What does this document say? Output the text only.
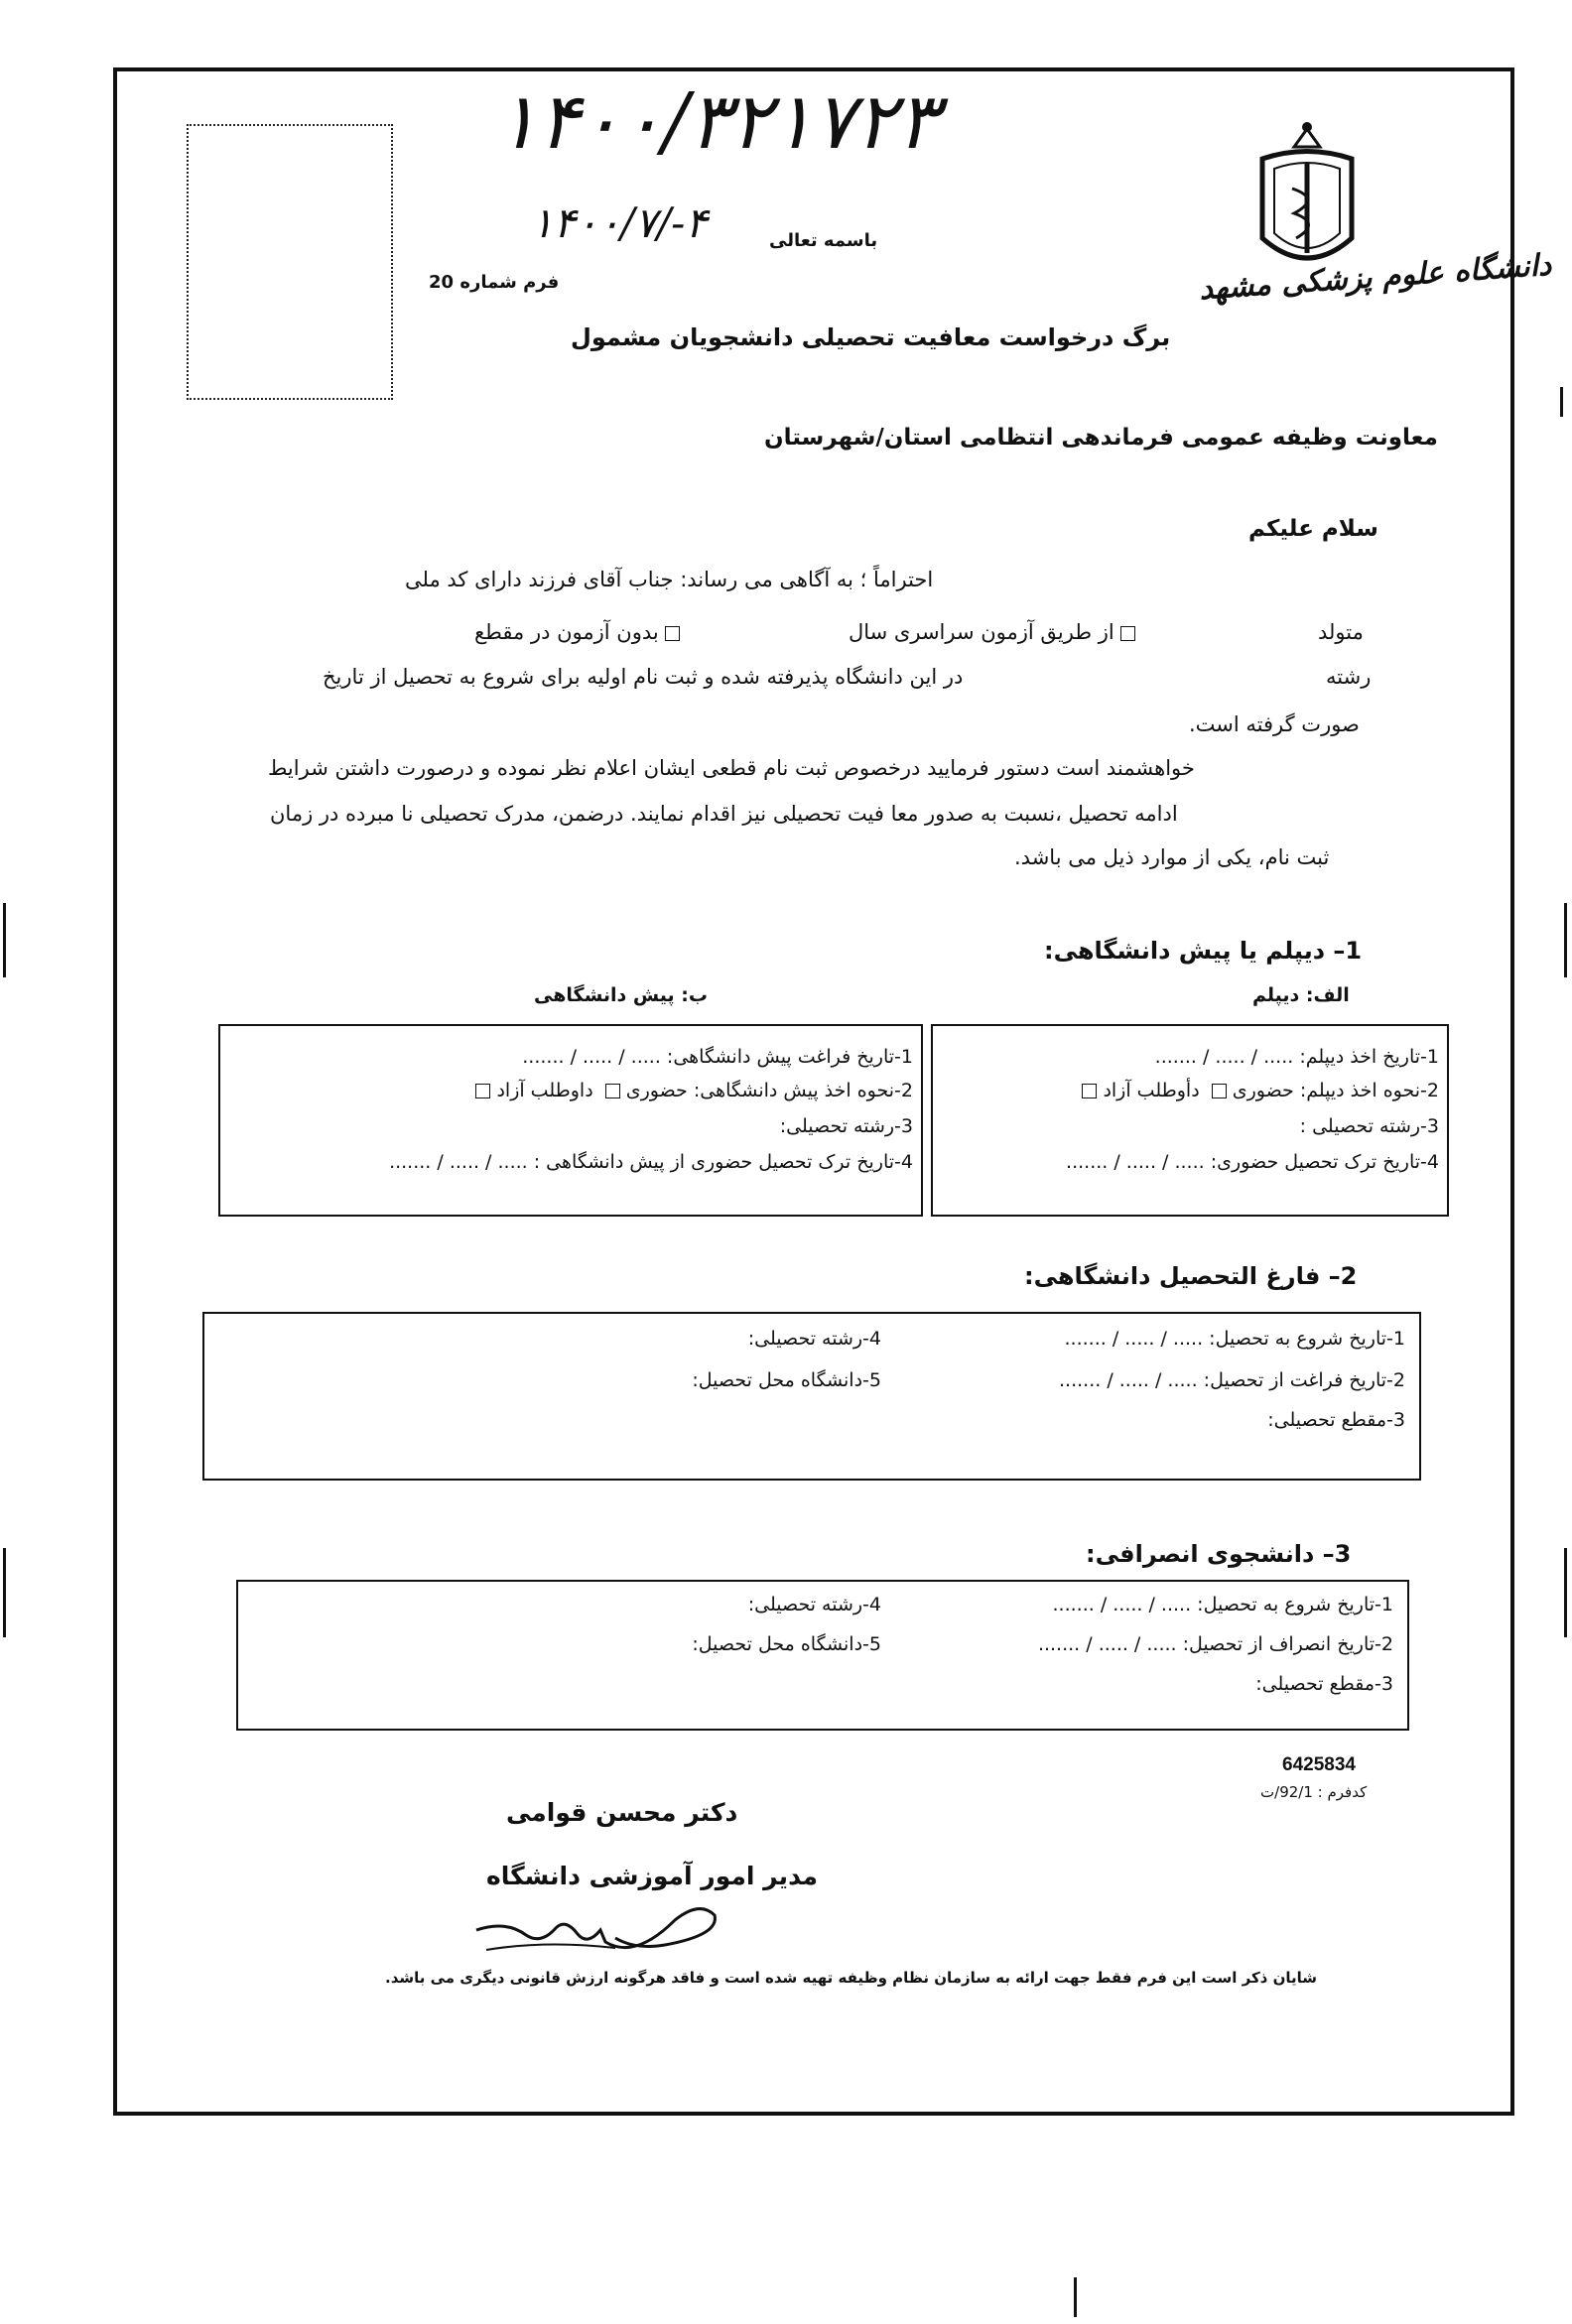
۱۴۰۰/۳۲۱۷۲۳
۱۴۰۰/۷/-۴	باسمه تعالی
فرم شماره 20	دانشگاه علوم پزشکی مشهد
برگ درخواست معافیت تحصیلی دانشجویان مشمول
معاونت وظیفه عمومی فرماندهی انتظامی استان/شهرستان
سلام علیکم
احتراماً ؛ به آگاهی می رساند: جناب آقای فرزند دارای کد ملی
متولد
از طریق آزمون سراسری سال
بدون آزمون در مقطع
رشته
در این دانشگاه پذیرفته شده و ثبت نام اولیه برای شروع به تحصیل از تاریخ
صورت گرفته است.
خواهشمند است دستور فرمایید درخصوص ثبت نام قطعی ایشان اعلام نظر نموده و درصورت داشتن شرایط
ادامه تحصیل ،نسبت به صدور معا فیت تحصیلی نیز اقدام نمایند. درضمن، مدرک تحصیلی نا مبرده در زمان
ثبت نام، یکی از موارد ذیل می باشد.
1– دیپلم یا پیش دانشگاهی:
الف: دیپلم
ب: پیش دانشگاهی
1-تاریخ اخذ دیپلم: ..... / ..... / .......
2-نحوه اخذ دیپلم: حضوری دأوطلب آزاد
3-رشته تحصیلی :
4-تاریخ ترک تحصیل حضوری: ..... / ..... / .......
1-تاریخ فراغت پیش دانشگاهی: ..... / ..... / .......
2-نحوه اخذ پیش دانشگاهی: حضوری داوطلب آزاد
3-رشته تحصیلی:
4-تاریخ ترک تحصیل حضوری از پیش دانشگاهی : ..... / ..... / .......
2– فارغ التحصیل دانشگاهی:
1-تاریخ شروع به تحصیل: ..... / ..... / .......
2-تاریخ فراغت از تحصیل: ..... / ..... / .......
3-مقطع تحصیلی:
4-رشته تحصیلی:
5-دانشگاه محل تحصیل:
3– دانشجوی انصرافی:
1-تاریخ شروع به تحصیل: ..... / ..... / .......
2-تاریخ انصراف از تحصیل: ..... / ..... / .......
3-مقطع تحصیلی:
4-رشته تحصیلی:
5-دانشگاه محل تحصیل:
6425834
کدفرم : 92/1/ت
دکتر محسن قوامی
مدیر امور آموزشی دانشگاه
شایان ذکر است این فرم فقط جهت ارائه به سازمان نظام وظیفه تهیه شده است و فاقد هرگونه ارزش قانونی دیگری می باشد.
